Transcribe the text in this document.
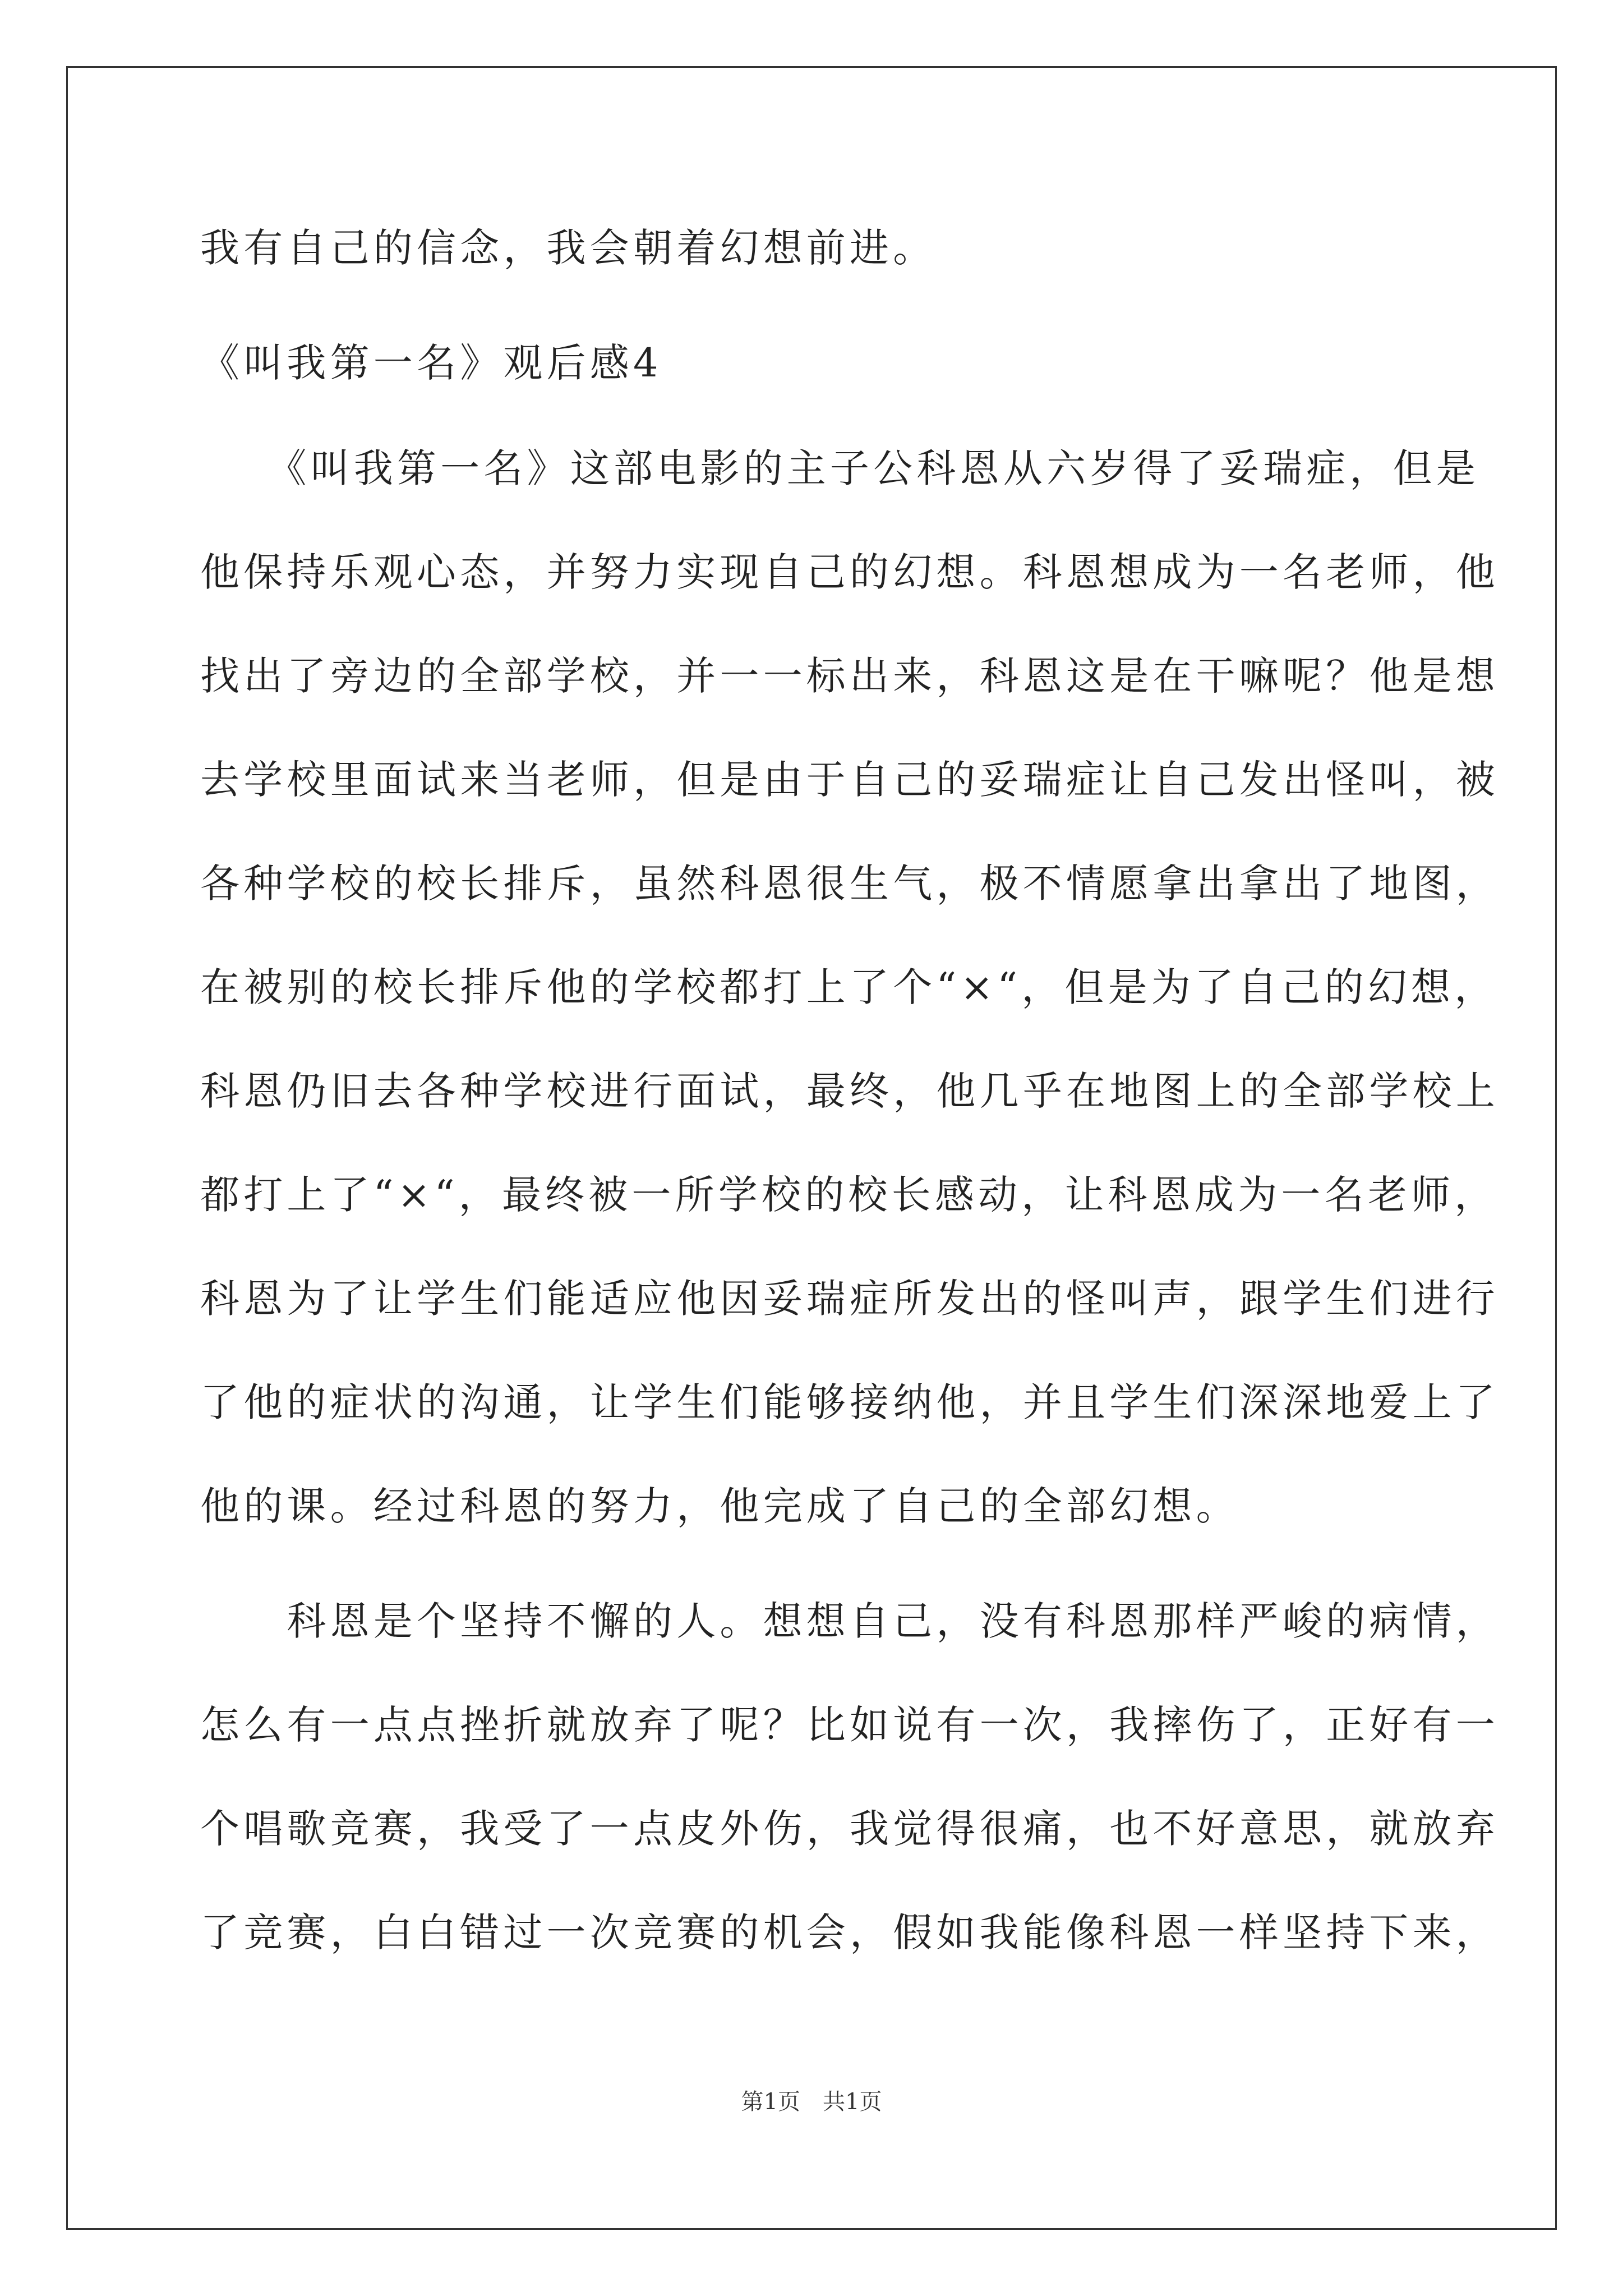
我有自己的信念，我会朝着幻想前进。
《叫我第一名》观后感4
　　《叫我第一名》这部电影的主子公科恩从六岁得了妥瑞症，但是
他保持乐观心态，并努力实现自己的幻想。科恩想成为一名老师，他
找出了旁边的全部学校，并一一标出来，科恩这是在干嘛呢？他是想
去学校里面试来当老师，但是由于自己的妥瑞症让自己发出怪叫，被
各种学校的校长排斥，虽然科恩很生气，极不情愿拿出拿出了地图，
在被别的校长排斥他的学校都打上了个“×“，但是为了自己的幻想，
科恩仍旧去各种学校进行面试，最终，他几乎在地图上的全部学校上
都打上了“×“，最终被一所学校的校长感动，让科恩成为一名老师，
科恩为了让学生们能适应他因妥瑞症所发出的怪叫声，跟学生们进行
了他的症状的沟通，让学生们能够接纳他，并且学生们深深地爱上了
他的课。经过科恩的努力，他完成了自己的全部幻想。
　　科恩是个坚持不懈的人。想想自己，没有科恩那样严峻的病情，
怎么有一点点挫折就放弃了呢？比如说有一次，我摔伤了，正好有一
个唱歌竞赛，我受了一点皮外伤，我觉得很痛，也不好意思，就放弃
了竞赛，白白错过一次竞赛的机会，假如我能像科恩一样坚持下来，
第1页　共1页
